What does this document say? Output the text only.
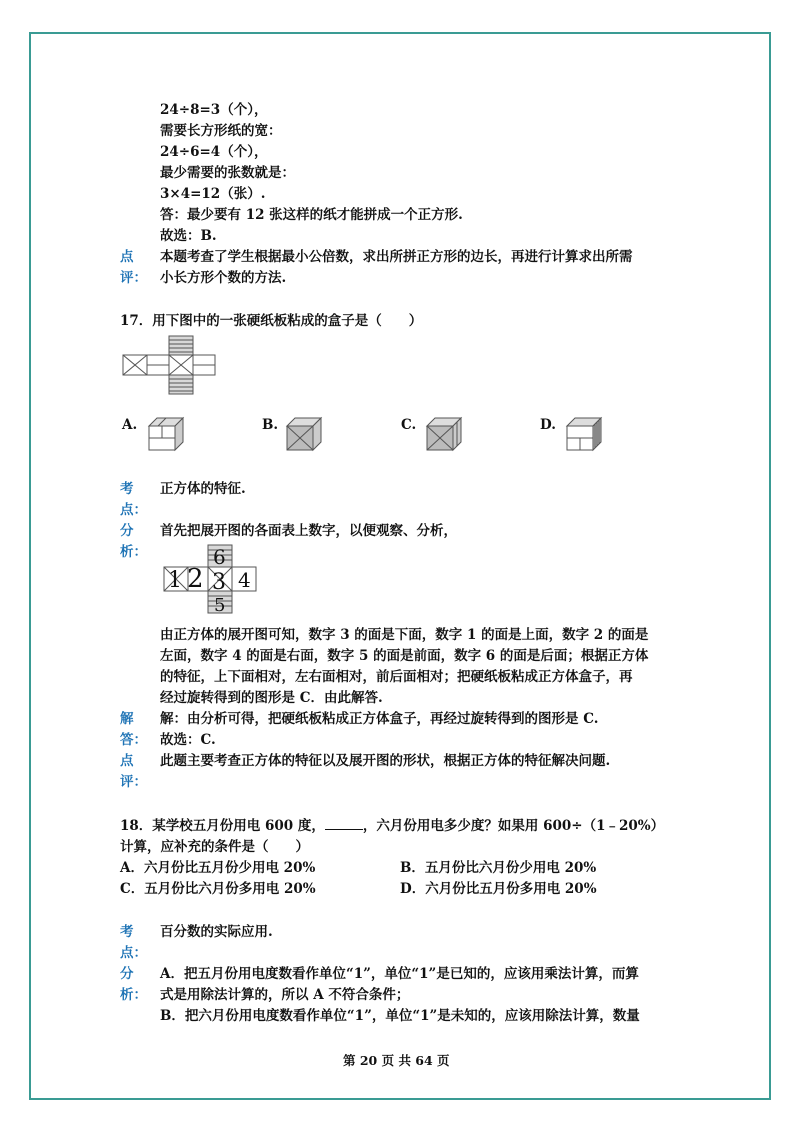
24÷8=3（个），
需要长方形纸的宽：
24÷6=4（个），
最少需要的张数就是：
3×4=12（张）.
答：最少要有 12 张这样的纸才能拼成一个正方形.
故选：B.
点
评：
本题考查了学生根据最小公倍数，求出所拼正方形的边长，再进行计算求出所需
小长方形个数的方法.
17．用下图中的一张硬纸板粘成的盒子是（　　）
A.	B.	C.	D.
考
点：
正方体的特征.
分
析：
首先把展开图的各面表上数字，以便观察、分析，
1 2 3 4
5
6
由正方体的展开图可知，数字 3 的面是下面，数字 1 的面是上面，数字 2 的面是
左面，数字 4 的面是右面，数字 5 的面是前面，数字 6 的面是后面；根据正方体
的特征，上下面相对，左右面相对，前后面相对；把硬纸板粘成正方体盒子，再
经过旋转得到的图形是 C．由此解答.
解
答：
解：由分析可得，把硬纸板粘成正方体盒子，再经过旋转得到的图形是 C.
故选：C.
点
评：
此题主要考查正方体的特征以及展开图的形状，根据正方体的特征解决问题.
18．某学校五月份用电 600 度，	，六月份用电多少度？如果用 600÷（1﹣20%）
计算，应补充的条件是（　　）
A．六月份比五月份少用电 20%	B．五月份比六月份少用电 20%
C．五月份比六月份多用电 20%	D．六月份比五月份多用电 20%
考
点：
百分数的实际应用.
分
析：
A．把五月份用电度数看作单位“1”，单位“1”是已知的，应该用乘法计算，而算
式是用除法计算的，所以 A 不符合条件；
B．把六月份用电度数看作单位“1”，单位“1”是未知的，应该用除法计算，数量
第 20 页 共 64 页
